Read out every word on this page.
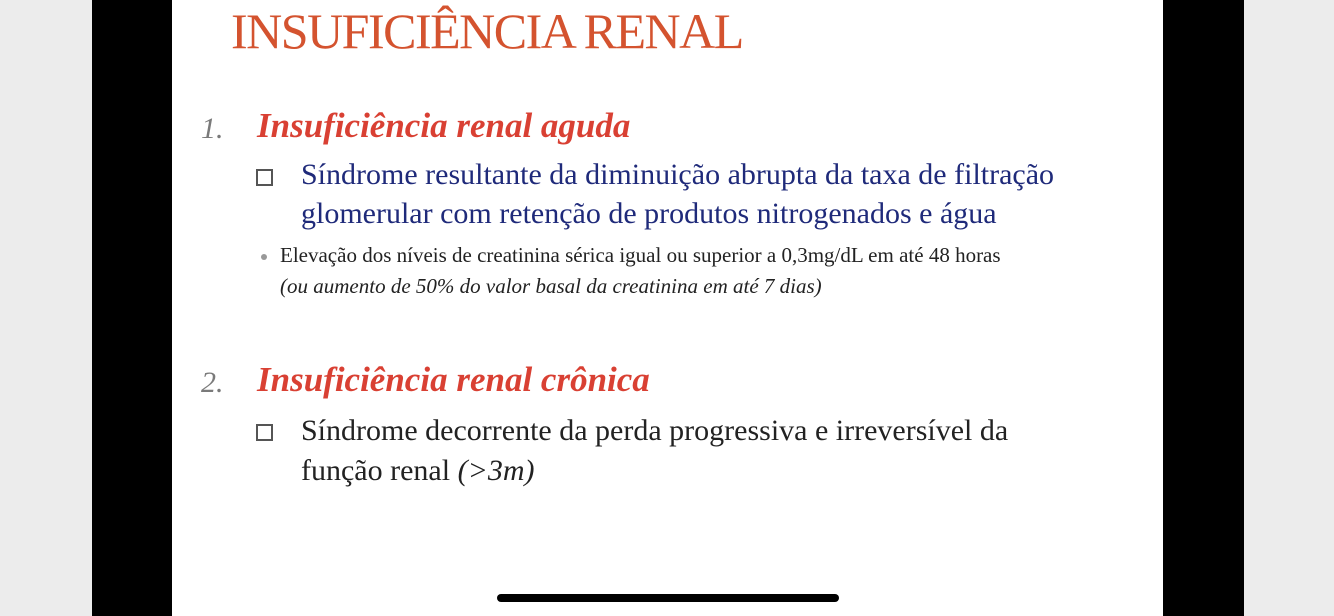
INSUFICIÊNCIA RENAL
1. Insuficiência renal aguda
Síndrome resultante da diminuição abrupta da taxa de filtração
glomerular com retenção de produtos nitrogenados e água
Elevação dos níveis de creatinina sérica igual ou superior a 0,3mg/dL em até 48 horas
(ou aumento de 50% do valor basal da creatinina em até 7 dias)
2. Insuficiência renal crônica
Síndrome decorrente da perda progressiva e irreversível da
função renal (>3m)
